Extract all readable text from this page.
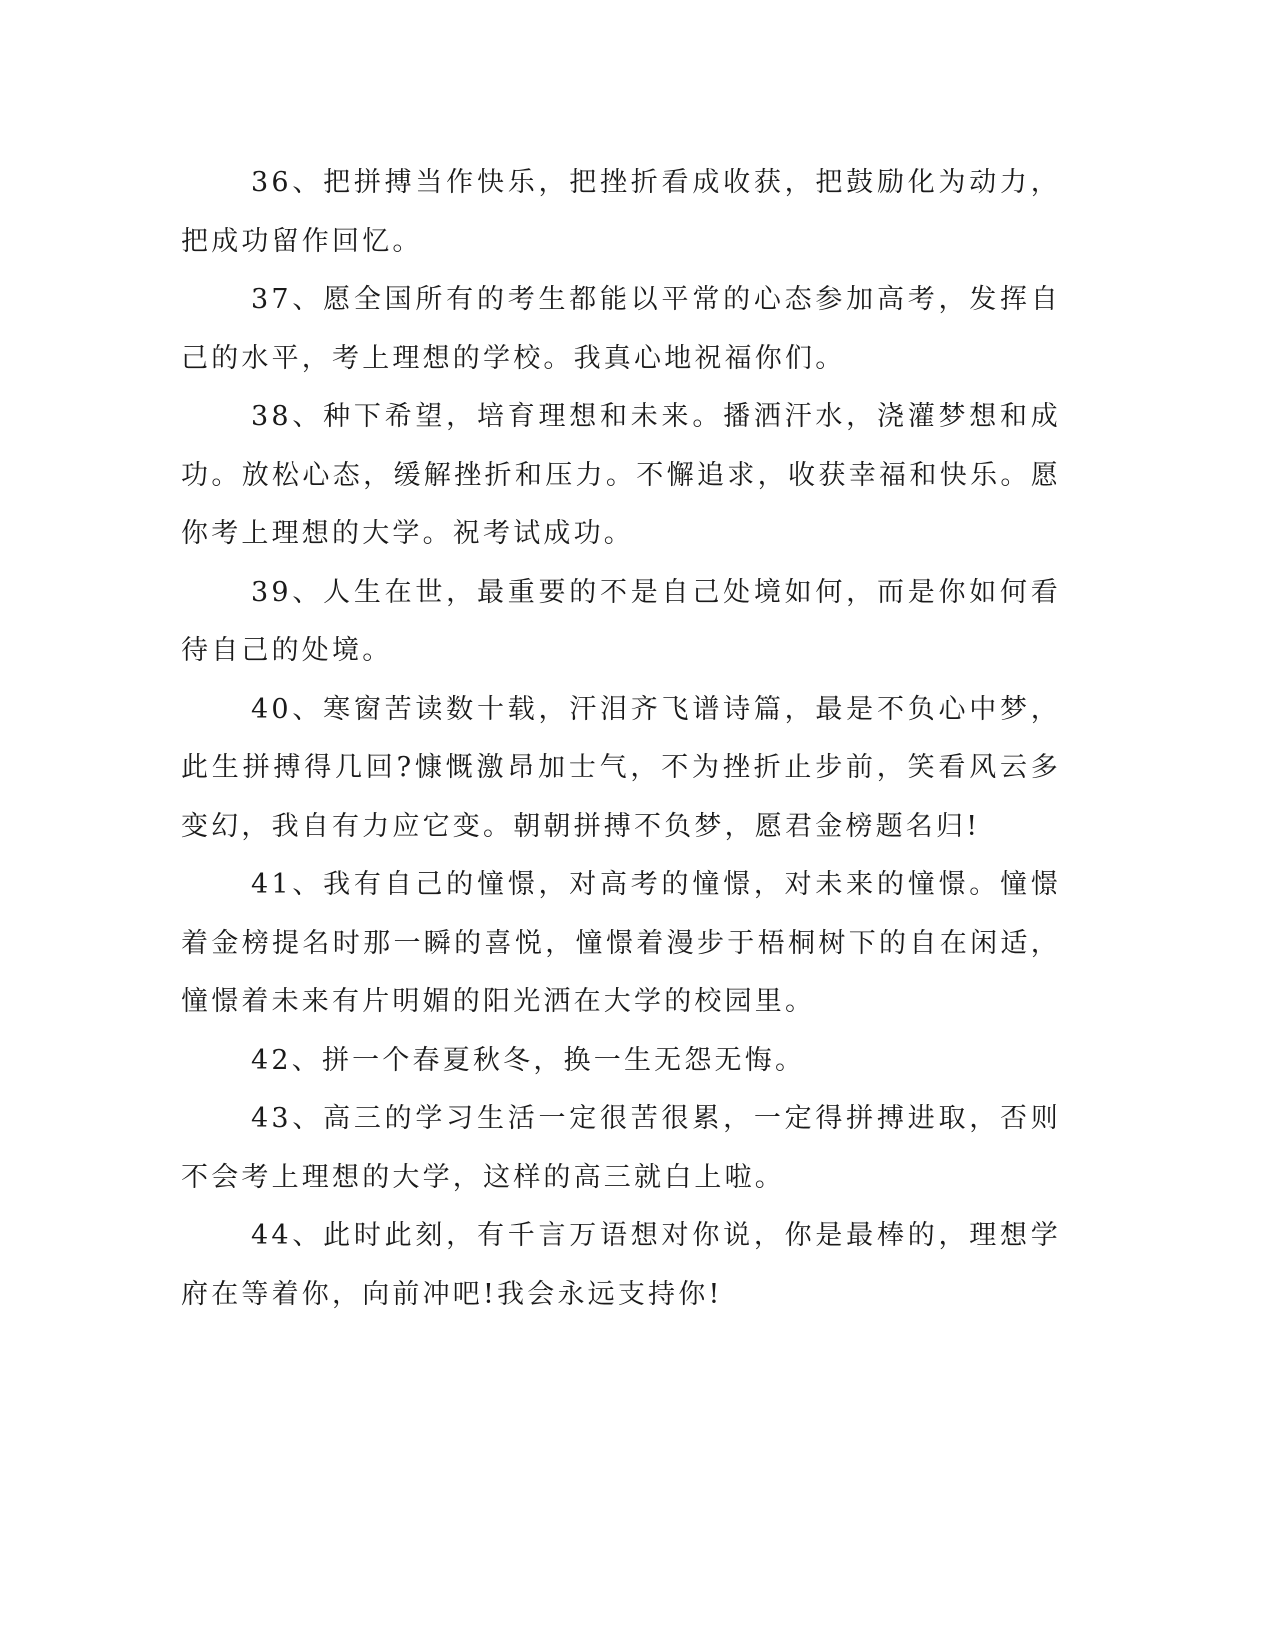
36、把拼搏当作快乐，把挫折看成收获，把鼓励化为动力，把成功留作回忆。

37、愿全国所有的考生都能以平常的心态参加高考，发挥自己的水平，考上理想的学校。我真心地祝福你们。

38、种下希望，培育理想和未来。播洒汗水，浇灌梦想和成功。放松心态，缓解挫折和压力。不懈追求，收获幸福和快乐。愿你考上理想的大学。祝考试成功。

39、人生在世，最重要的不是自己处境如何，而是你如何看待自己的处境。

40、寒窗苦读数十载，汗泪齐飞谱诗篇，最是不负心中梦，此生拼搏得几回?慷慨激昂加士气，不为挫折止步前，笑看风云多变幻，我自有力应它变。朝朝拼搏不负梦，愿君金榜题名归!

41、我有自己的憧憬，对高考的憧憬，对未来的憧憬。憧憬着金榜提名时那一瞬的喜悦，憧憬着漫步于梧桐树下的自在闲适，憧憬着未来有片明媚的阳光洒在大学的校园里。

42、拼一个春夏秋冬，换一生无怨无悔。

43、高三的学习生活一定很苦很累，一定得拼搏进取，否则不会考上理想的大学，这样的高三就白上啦。

44、此时此刻，有千言万语想对你说，你是最棒的，理想学府在等着你，向前冲吧!我会永远支持你!
